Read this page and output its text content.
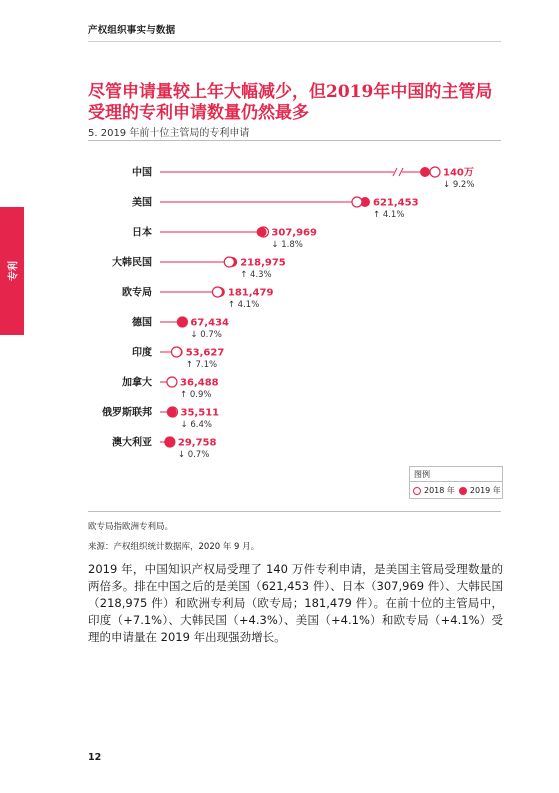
产权组织事实与数据
专利
尽管申请量较上年大幅减少，但2019年中国的主管局受理的专利申请数量仍然最多
5. 2019 年前十位主管局的专利申请
中国	140万
↓ 9.2%
美国	621,453
↑ 4.1%
日本	307,969
↓ 1.8%
大韩民国	218,975
↑ 4.3%
欧专局	181,479
↑ 4.1%
德国	67,434
↓ 0.7%
印度	53,627
↑ 7.1%
加拿大	36,488
↑ 0.9%
俄罗斯联邦	35,511
↓ 6.4%
澳大利亚	29,758
↓ 0.7%
图例
2018 年 2019 年
欧专局指欧洲专利局。
来源：产权组织统计数据库，2020 年 9 月。
2019 年，中国知识产权局受理了 140 万件专利申请，是美国主管局受理数量的两倍多。排在中国之后的是美国（621,453 件）、日本（307,969 件）、大韩民国（218,975 件）和欧洲专利局（欧专局；181,479 件）。在前十位的主管局中，印度（+7.1%）、大韩民国（+4.3%）、美国（+4.1%）和欧专局（+4.1%）受理的申请量在 2019 年出现强劲增长。
12
